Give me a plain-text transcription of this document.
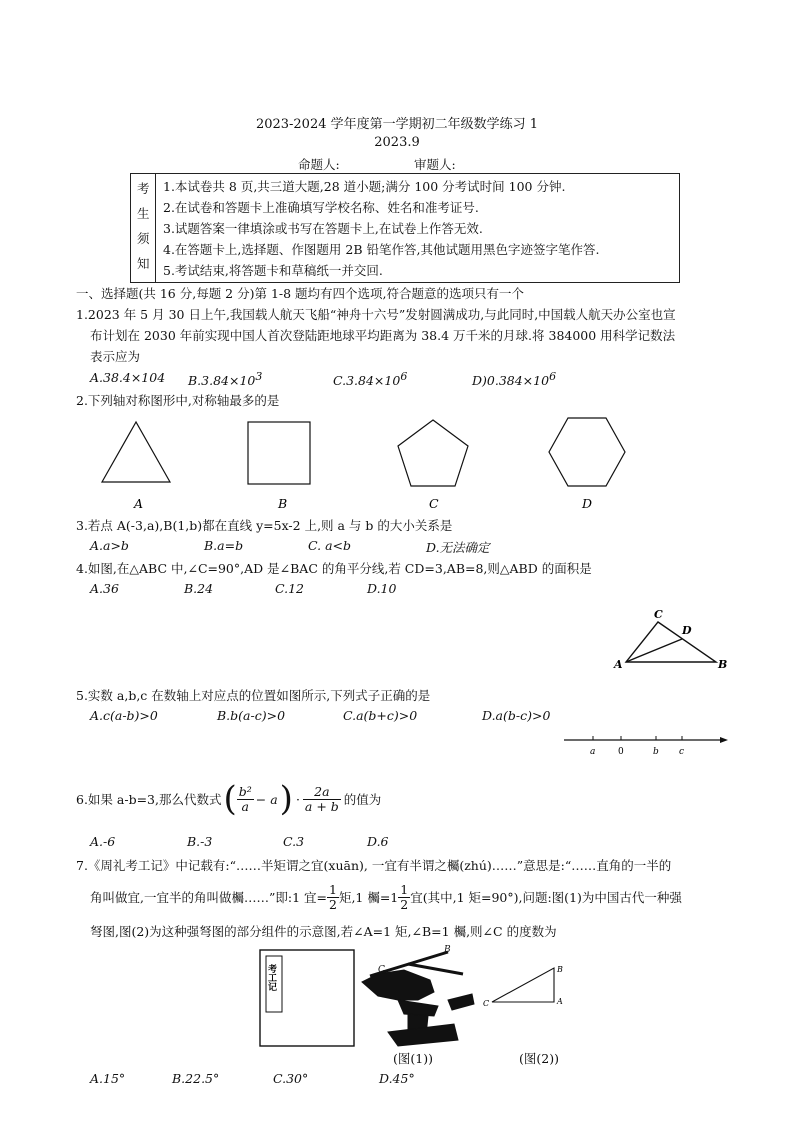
2023-2024 学年度第一学期初二年级数学练习 1
2023.9
命题人:	审题人:
考
生
须
知
1.本试卷共 8 页,共三道大题,28 道小题;满分 100 分考试时间 100 分钟.
2.在试卷和答题卡上准确填写学校名称、姓名和准考证号.
3.试题答案一律填涂或书写在答题卡上,在试卷上作答无效.
4.在答题卡上,选择题、作图题用 2B 铅笔作答,其他试题用黑色字迹签字笔作答.
5.考试结束,将答题卡和草稿纸一并交回.
一、选择题(共 16 分,每题 2 分)第 1-8 题均有四个选项,符合题意的选项只有一个
1.2023 年 5 月 30 日上午,我国载人航天飞船“神舟十六号”发射圆满成功,与此同时,中国载人航天办公室也宣
布计划在 2030 年前实现中国人首次登陆距地球平均距离为 38.4 万千米的月球.将 384000 用科学记数法
表示应为
A.38.4×104 $B.3.84\times 10^3$	$C.3.84\times 10^6$	$D)0.384\times 10^6$
2.下列轴对称图形中,对称轴最多的是
A	B	C	D
3.若点 A(-3,a),B(1,b)都在直线 y=5x-2 上,则 a 与 b 的大小关系是
A.a>b	B.a=b	C. a<b	D.无法确定
4.如图,在△ABC 中,∠C=90°,AD 是∠BAC 的角平分线,若 CD=3,AB=8,则△ABD 的面积是
A.36	B.24	C.12	D.10
C
D
A	B
5.实数 a,b,c 在数轴上对应点的位置如图所示,下列式子正确的是
A.c(a-b)>0	B.b(a-c)>0	C.a(b+c)>0	D.a(b-c)>0
a	0	b c
6.如果 a-b=3,那么代数式 ( $\frac{\text{b²}}{a} - a$ ) · $\frac{2a}{a + b}$ 的值为
A.-6	B.-3	C.3	D.6
7.《周礼考工记》中记载有:“……半矩谓之宜(xuān), 一宜有半谓之欘(zhú)……”意思是:“……直角的一半的
角叫做宜,一宜半的角叫做欘……”即:1 宜= $\frac{1}{2}$ 矩,1 欘$=1 \frac{1}{2}$ 宜(其中,1 矩=90°),问题:图(1)为中国古代一种强
弩图,图(2)为这种强弩图的部分组件的示意图,若∠A=1 矩,∠B=1 欘,则∠C 的度数为
考工记	C
B
C	A
B
(图(1))	(图(2))
A.15°	B.22.5°	C.30°	D.45°
